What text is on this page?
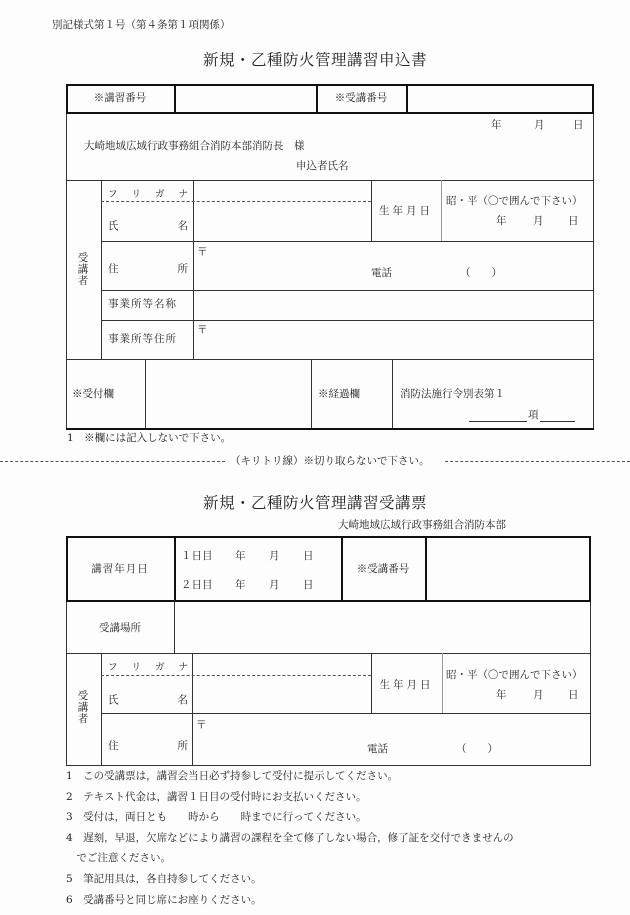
別記様式第１号（第４条第１項関係）
新規・乙種防火管理講習申込書
※講習番号	※受講番号
年	月	日
大崎地域広域行政事務組合消防本部消防長　様
申込者氏名
受講者
フ リ ガ ナ
氏	名
生年月日
昭・平（〇で囲んで下さい）
年	月 日
住	所
〒
電話	（　　）
事業所等名称
事業所等住所
〒
※受付欄	※経過欄	消防法施行令別表第１
項
1　※欄には記入しないで下さい。
（キリトリ線）※切り取らないで下さい。
新規・乙種防火管理講習受講票
大崎地域広域行政事務組合消防本部
講習年月日
１日目 年 月 日
２日目 年 月 日
※受講番号
受講場所
受講者
フ リ ガ ナ
氏	名
生年月日
昭・平（〇で囲んで下さい）
年	月 日
住	所
〒
電話	（　　）
1　この受講票は，講習会当日必ず持参して受付に提示してください。
2　テキスト代金は，講習１日目の受付時にお支払いください。
3　受付は，両日とも　　時から　　時までに行ってください。
4　遅刻，早退，欠席などにより講習の課程を全て修了しない場合，修了証を交付できませんの
　でご注意ください。
5　筆記用具は，各自持参してください。
6　受講番号と同じ席にお座りください。
